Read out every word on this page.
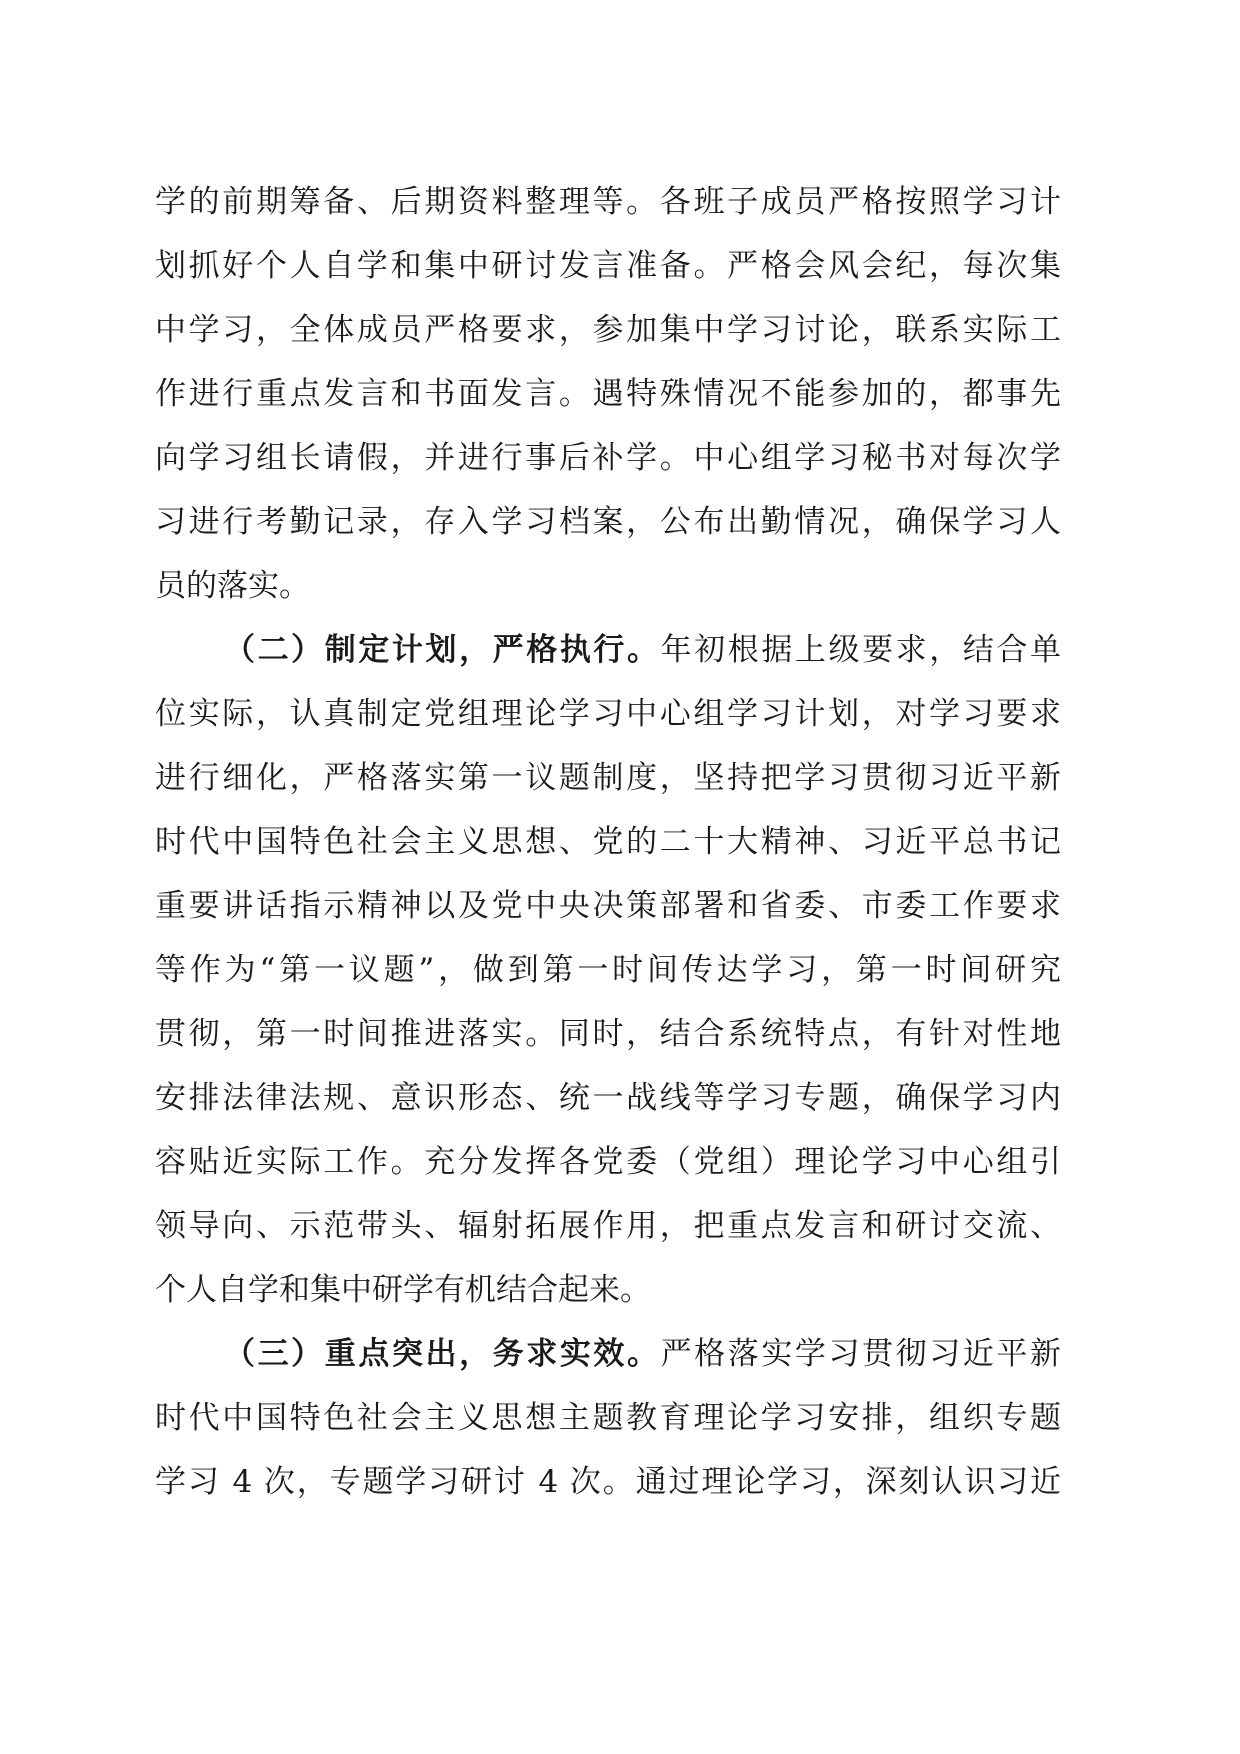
学的前期筹备、后期资料整理等。各班子成员严格按照学习计
划抓好个人自学和集中研讨发言准备。严格会风会纪，每次集
中学习，全体成员严格要求，参加集中学习讨论，联系实际工
作进行重点发言和书面发言。遇特殊情况不能参加的，都事先
向学习组长请假，并进行事后补学。中心组学习秘书对每次学
习进行考勤记录，存入学习档案，公布出勤情况，确保学习人
员的落实。
（二）制定计划，严格执行。年初根据上级要求，结合单
位实际，认真制定党组理论学习中心组学习计划，对学习要求
进行细化，严格落实第一议题制度，坚持把学习贯彻习近平新
时代中国特色社会主义思想、党的二十大精神、习近平总书记
重要讲话指示精神以及党中央决策部署和省委、市委工作要求
等作为“第一议题”，做到第一时间传达学习，第一时间研究
贯彻，第一时间推进落实。同时，结合系统特点，有针对性地
安排法律法规、意识形态、统一战线等学习专题，确保学习内
容贴近实际工作。充分发挥各党委（党组）理论学习中心组引
领导向、示范带头、辐射拓展作用，把重点发言和研讨交流、
个人自学和集中研学有机结合起来。
（三）重点突出，务求实效。严格落实学习贯彻习近平新
时代中国特色社会主义思想主题教育理论学习安排，组织专题
学习 4 次，专题学习研讨 4 次。通过理论学习，深刻认识习近
